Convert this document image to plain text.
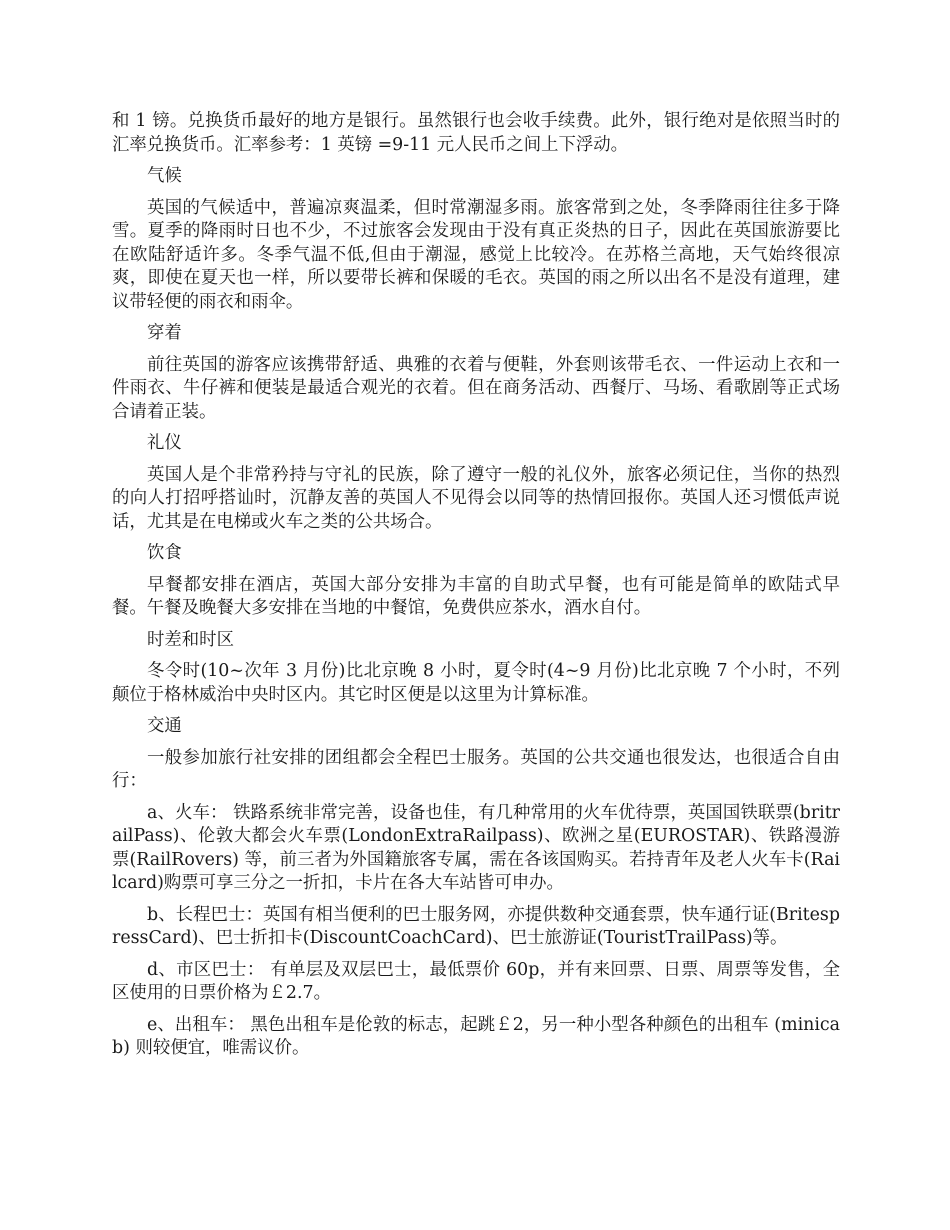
和 1 镑。兑换货币最好的地方是银行。虽然银行也会收手续费。此外，银行绝对是依照当时的汇率兑换货币。汇率参考：1 英镑 =9-11 元人民币之间上下浮动。

气候

英国的气候适中，普遍凉爽温柔，但时常潮湿多雨。旅客常到之处，冬季降雨往往多于降雪。夏季的降雨时日也不少，不过旅客会发现由于没有真正炎热的日子，因此在英国旅游要比在欧陆舒适许多。冬季气温不低,但由于潮湿，感觉上比较冷。在苏格兰高地，天气始终很凉爽，即使在夏天也一样，所以要带长裤和保暖的毛衣。英国的雨之所以出名不是没有道理，建议带轻便的雨衣和雨伞。

穿着

前往英国的游客应该携带舒适、典雅的衣着与便鞋，外套则该带毛衣、一件运动上衣和一件雨衣、牛仔裤和便装是最适合观光的衣着。但在商务活动、西餐厅、马场、看歌剧等正式场合请着正装。

礼仪

英国人是个非常矜持与守礼的民族，除了遵守一般的礼仪外，旅客必须记住，当你的热烈的向人打招呼搭讪时，沉静友善的英国人不见得会以同等的热情回报你。英国人还习惯低声说话，尤其是在电梯或火车之类的公共场合。

饮食

早餐都安排在酒店，英国大部分安排为丰富的自助式早餐，也有可能是简单的欧陆式早餐。午餐及晚餐大多安排在当地的中餐馆，免费供应茶水，酒水自付。

时差和时区

冬令时(10~次年 3 月份)比北京晚 8 小时，夏令时(4~9 月份)比北京晚 7 个小时，不列颠位于格林威治中央时区内。其它时区便是以这里为计算标准。

交通

一般参加旅行社安排的团组都会全程巴士服务。英国的公共交通也很发达，也很适合自由行：

a、火车： 铁路系统非常完善，设备也佳，有几种常用的火车优待票，英国国铁联票(britrailPass)、伦敦大都会火车票(LondonExtraRailpass)、欧洲之星(EUROSTAR)、铁路漫游票(RailRovers) 等，前三者为外国籍旅客专属，需在各该国购买。若持青年及老人火车卡(Railcard)购票可享三分之一折扣，卡片在各大车站皆可申办。

b、长程巴士：英国有相当便利的巴士服务网，亦提供数种交通套票，快车通行证(BritespressCard)、巴士折扣卡(DiscountCoachCard)、巴士旅游证(TouristTrailPass)等。

d、市区巴士： 有单层及双层巴士，最低票价 60p，并有来回票、日票、周票等发售，全区使用的日票价格为￡2.7。

e、出租车： 黑色出租车是伦敦的标志，起跳￡2，另一种小型各种颜色的出租车 (minicab) 则较便宜，唯需议价。
